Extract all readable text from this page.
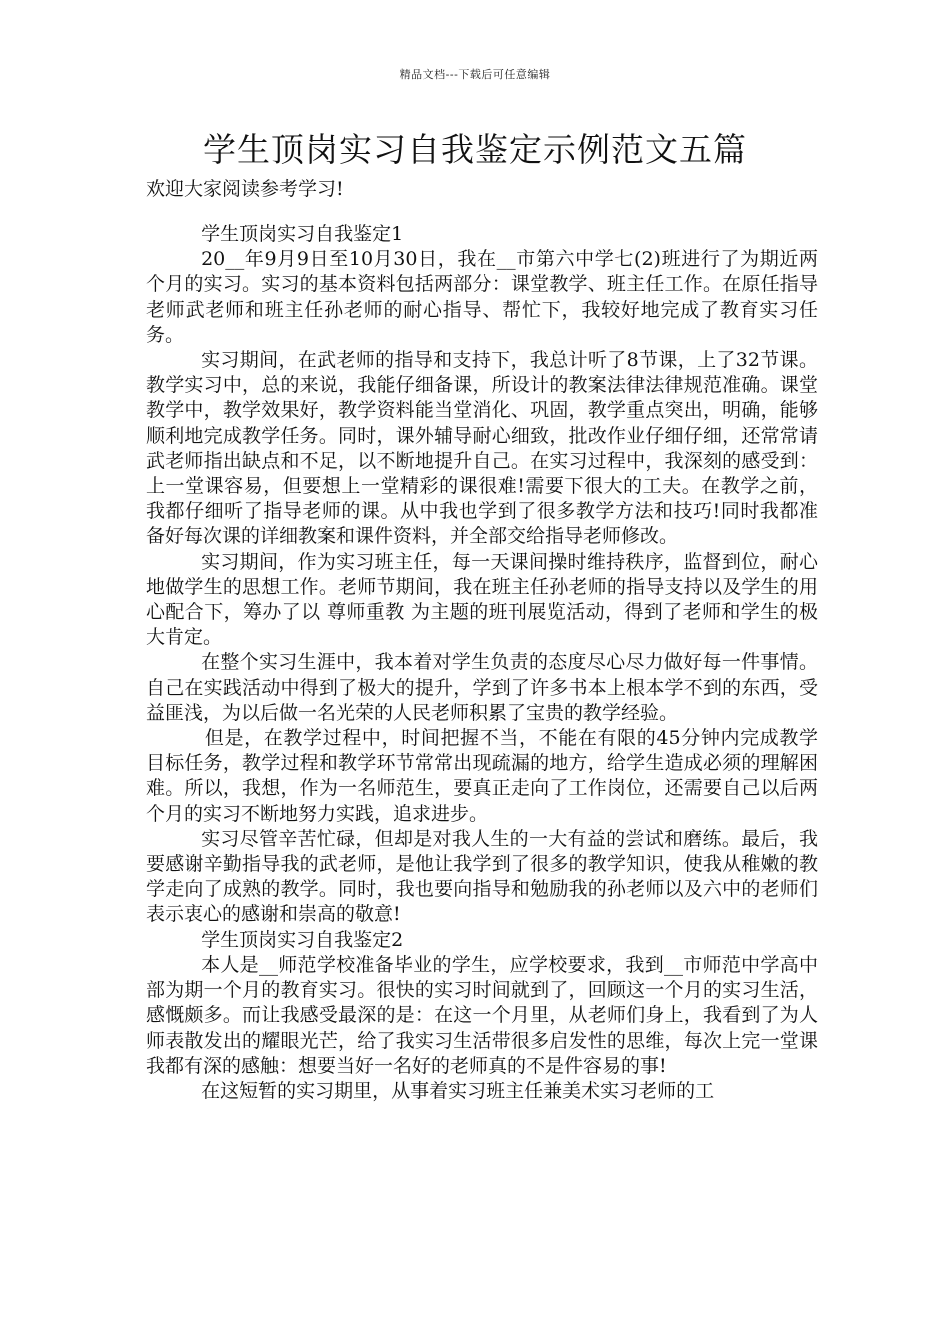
精品文档---下载后可任意编辑
学生顶岗实习自我鉴定示例范文五篇

欢迎大家阅读参考学习!

学生顶岗实习自我鉴定1

20__年9月9日至10月30日，我在__市第六中学七(2)班进行了为期近两个月的实习。实习的基本资料包括两部分：课堂教学、班主任工作。在原任指导老师武老师和班主任孙老师的耐心指导、帮忙下，我较好地完成了教育实习任务。

实习期间，在武老师的指导和支持下，我总计听了8节课，上了32节课。教学实习中，总的来说，我能仔细备课，所设计的教案法律法律规范准确。课堂教学中，教学效果好，教学资料能当堂消化、巩固，教学重点突出，明确，能够顺利地完成教学任务。同时，课外辅导耐心细致，批改作业仔细仔细，还常常请武老师指出缺点和不足，以不断地提升自己。在实习过程中，我深刻的感受到：上一堂课容易，但要想上一堂精彩的课很难!需要下很大的工夫。在教学之前，我都仔细听了指导老师的课。从中我也学到了很多教学方法和技巧!同时我都准备好每次课的详细教案和课件资料，并全部交给指导老师修改。

实习期间，作为实习班主任，每一天课间操时维持秩序，监督到位，耐心地做学生的思想工作。老师节期间，我在班主任孙老师的指导支持以及学生的用心配合下，筹办了以 尊师重教 为主题的班刊展览活动，得到了老师和学生的极大肯定。

在整个实习生涯中，我本着对学生负责的态度尽心尽力做好每一件事情。自己在实践活动中得到了极大的提升，学到了许多书本上根本学不到的东西，受益匪浅，为以后做一名光荣的人民老师积累了宝贵的教学经验。

但是，在教学过程中，时间把握不当，不能在有限的45分钟内完成教学目标任务，教学过程和教学环节常常出现疏漏的地方，给学生造成必须的理解困难。所以，我想，作为一名师范生，要真正走向了工作岗位，还需要自己以后两个月的实习不断地努力实践，追求进步。

实习尽管辛苦忙碌，但却是对我人生的一大有益的尝试和磨练。最后，我要感谢辛勤指导我的武老师，是他让我学到了很多的教学知识，使我从稚嫩的教学走向了成熟的教学。同时，我也要向指导和勉励我的孙老师以及六中的老师们表示衷心的感谢和崇高的敬意!

学生顶岗实习自我鉴定2

本人是__师范学校准备毕业的学生，应学校要求，我到__市师范中学高中部为期一个月的教育实习。很快的实习时间就到了，回顾这一个月的实习生活，感慨颇多。而让我感受最深的是：在这一个月里，从老师们身上，我看到了为人师表散发出的耀眼光芒，给了我实习生活带很多启发性的思维，每次上完一堂课我都有深的感触：想要当好一名好的老师真的不是件容易的事!

在这短暂的实习期里，从事着实习班主任兼美术实习老师的工
